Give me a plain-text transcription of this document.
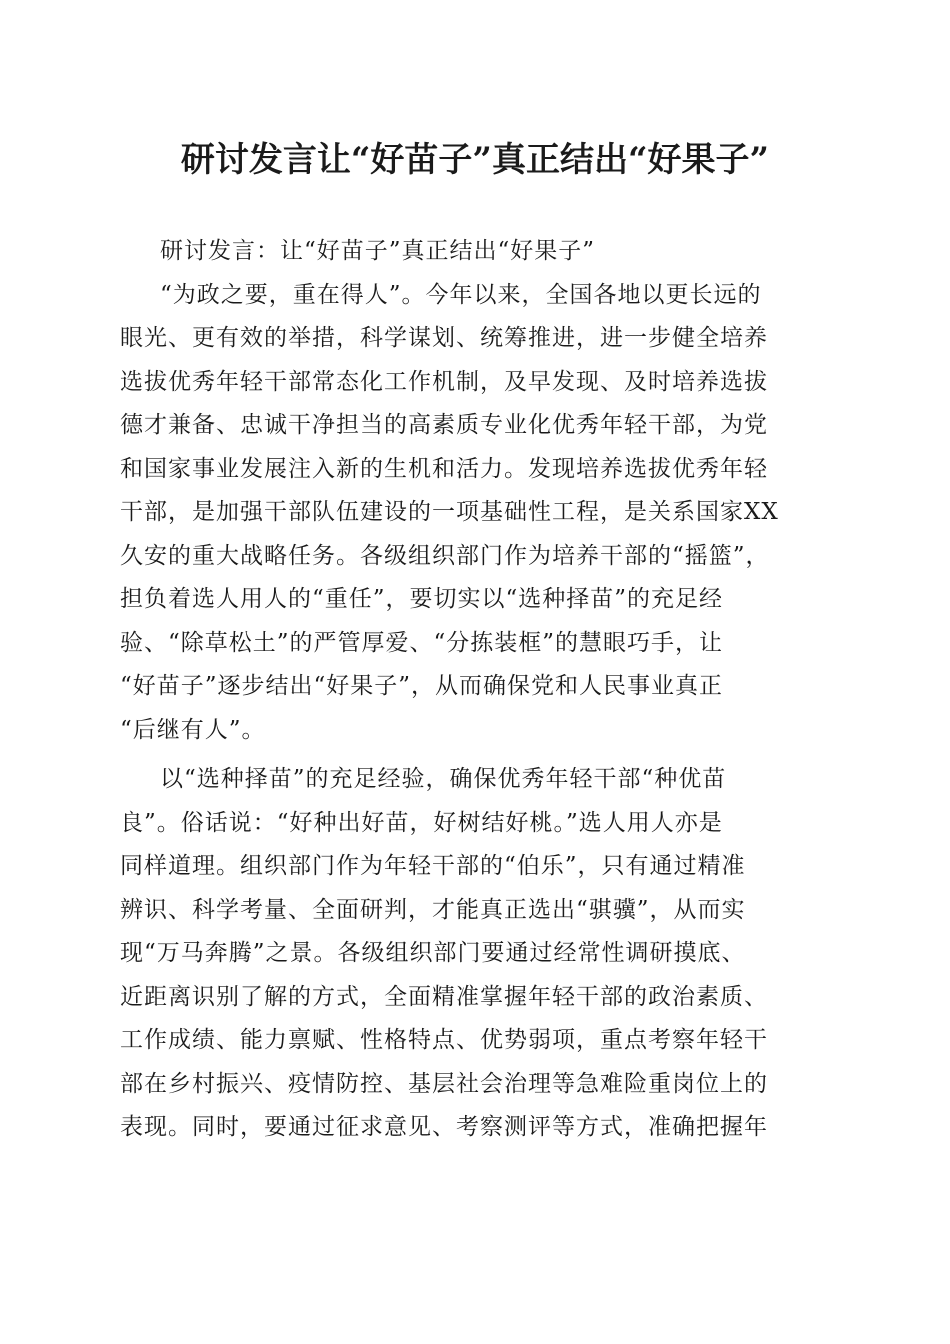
研讨发言让“好苗子”真正结出“好果子”
研讨发言：让“好苗子”真正结出“好果子”
“为政之要，重在得人”。今年以来，全国各地以更长远的
眼光、更有效的举措，科学谋划、统筹推进，进一步健全培养
选拔优秀年轻干部常态化工作机制，及早发现、及时培养选拔
德才兼备、忠诚干净担当的高素质专业化优秀年轻干部，为党
和国家事业发展注入新的生机和活力。发现培养选拔优秀年轻
干部，是加强干部队伍建设的一项基础性工程，是关系国家XX
久安的重大战略任务。各级组织部门作为培养干部的“摇篮”，
担负着选人用人的“重任”，要切实以“选种择苗”的充足经
验、“除草松土”的严管厚爱、“分拣装框”的慧眼巧手，让
“好苗子”逐步结出“好果子”，从而确保党和人民事业真正
“后继有人”。
以“选种择苗”的充足经验，确保优秀年轻干部“种优苗
良”。俗话说：“好种出好苗，好树结好桃。”选人用人亦是
同样道理。组织部门作为年轻干部的“伯乐”，只有通过精准
辨识、科学考量、全面研判，才能真正选出“骐骥”，从而实
现“万马奔腾”之景。各级组织部门要通过经常性调研摸底、
近距离识别了解的方式，全面精准掌握年轻干部的政治素质、
工作成绩、能力禀赋、性格特点、优势弱项，重点考察年轻干
部在乡村振兴、疫情防控、基层社会治理等急难险重岗位上的
表现。同时，要通过征求意见、考察测评等方式，准确把握年
